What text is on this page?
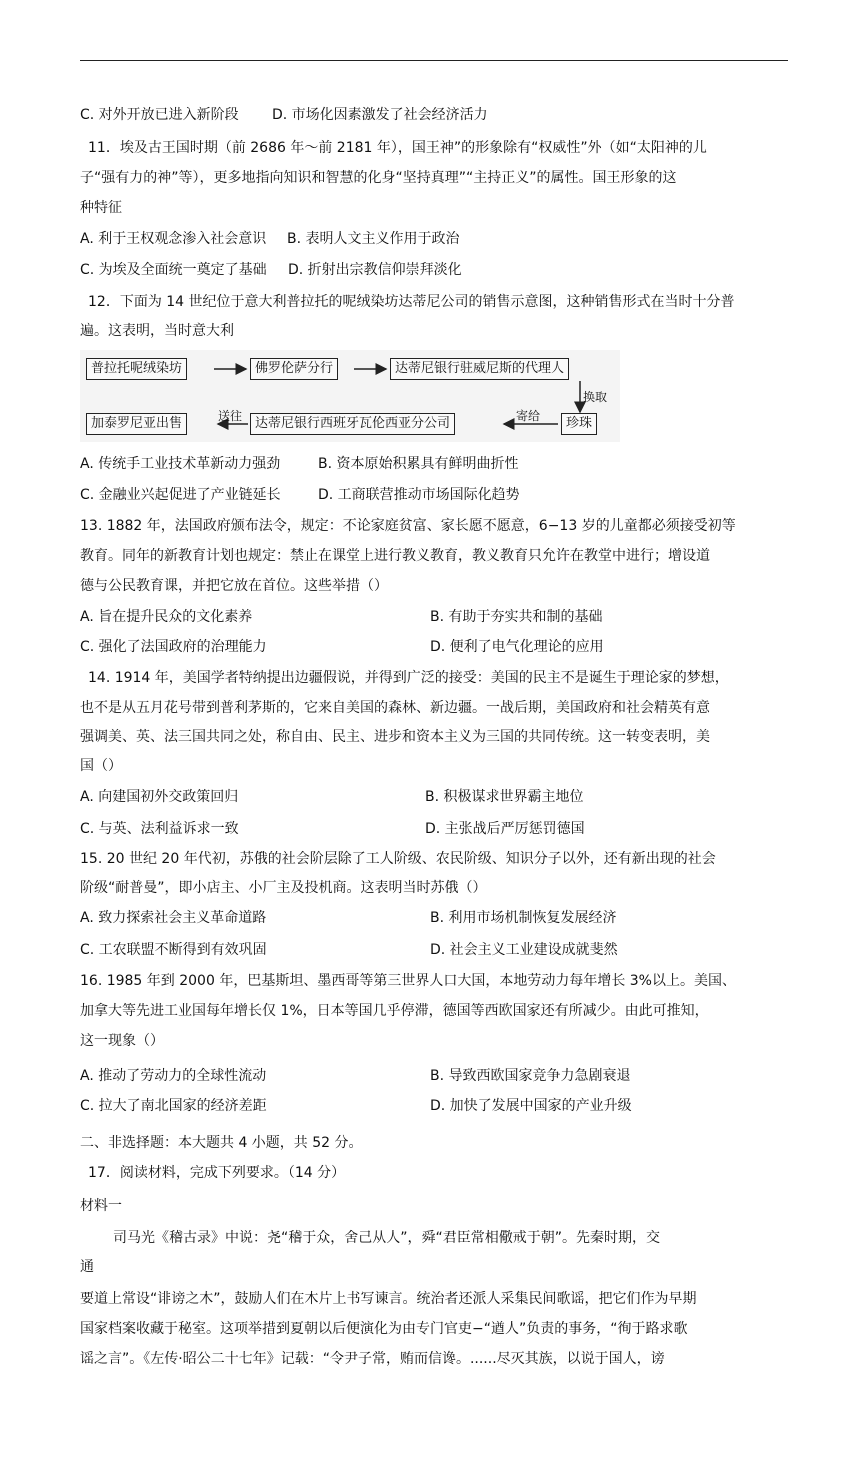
C. 对外开放已进入新阶段 D. 市场化因素激发了社会经济活力
11．埃及古王国时期（前 2686 年～前 2181 年），国王神”的形象除有“权威性”外（如“太阳神的儿
子“强有力的神”等），更多地指向知识和智慧的化身“坚持真理”“主持正义”的属性。国王形象的这
种特征
A. 利于王权观念渗入社会意识 B. 表明人文主义作用于政治
C. 为埃及全面统一奠定了基础 D. 折射出宗教信仰崇拜淡化
12．下面为 14 世纪位于意大利普拉托的呢绒染坊达蒂尼公司的销售示意图，这种销售形式在当时十分普
遍。这表明，当时意大利
普拉托呢绒染坊	佛罗伦萨分行	达蒂尼银行驻威尼斯的代理人
换取
珍珠
寄给
达蒂尼银行西班牙瓦伦西亚分公司
送往
加泰罗尼亚出售
A. 传统手工业技术革新动力强劲	B. 资本原始积累具有鲜明曲折性
C. 金融业兴起促进了产业链延长	D. 工商联营推动市场国际化趋势
13. 1882 年，法国政府颁布法令，规定：不论家庭贫富、家长愿不愿意，6−13 岁的儿童都必须接受初等
教育。同年的新教育计划也规定：禁止在课堂上进行教义教育，教义教育只允许在教堂中进行；增设道
德与公民教育课，并把它放在首位。这些举措（）
A. 旨在提升民众的文化素养	B. 有助于夯实共和制的基础
C. 强化了法国政府的治理能力	D. 便利了电气化理论的应用
14. 1914 年，美国学者特纳提出边疆假说，并得到广泛的接受：美国的民主不是诞生于理论家的梦想，
也不是从五月花号带到普利茅斯的，它来自美国的森林、新边疆。一战后期，美国政府和社会精英有意
强调美、英、法三国共同之处，称自由、民主、进步和资本主义为三国的共同传统。这一转变表明，美
国（）
A. 向建国初外交政策回归	B. 积极谋求世界霸主地位
C. 与英、法利益诉求一致	D. 主张战后严厉惩罚德国
15. 20 世纪 20 年代初，苏俄的社会阶层除了工人阶级、农民阶级、知识分子以外，还有新出现的社会
阶级“耐普曼”，即小店主、小厂主及投机商。这表明当时苏俄（）
A. 致力探索社会主义革命道路	B. 利用市场机制恢复发展经济
C. 工农联盟不断得到有效巩固	D. 社会主义工业建设成就斐然
16. 1985 年到 2000 年，巴基斯坦、墨西哥等第三世界人口大国，本地劳动力每年增长 3%以上。美国、
加拿大等先进工业国每年增长仅 1%，日本等国几乎停滞，德国等西欧国家还有所减少。由此可推知，
这一现象（）
A. 推动了劳动力的全球性流动	B. 导致西欧国家竞争力急剧衰退
C. 拉大了南北国家的经济差距	D. 加快了发展中国家的产业升级
二、非选择题：本大题共 4 小题，共 52 分。
17．阅读材料，完成下列要求。（14 分）
材料一
司马光《稽古录》中说：尧“稽于众，舍己从人”，舜“君臣常相儆戒于朝”。先秦时期，交
通
要道上常设“诽谤之木”，鼓励人们在木片上书写谏言。统治者还派人采集民间歌谣，把它们作为早期
国家档案收藏于秘室。这项举措到夏朝以后便演化为由专门官吏−“遒人”负责的事务，“徇于路求歌
谣之言”。《左传·昭公二十七年》记载：“令尹子常，贿而信谗。......尽灭其族，以说于国人，谤
